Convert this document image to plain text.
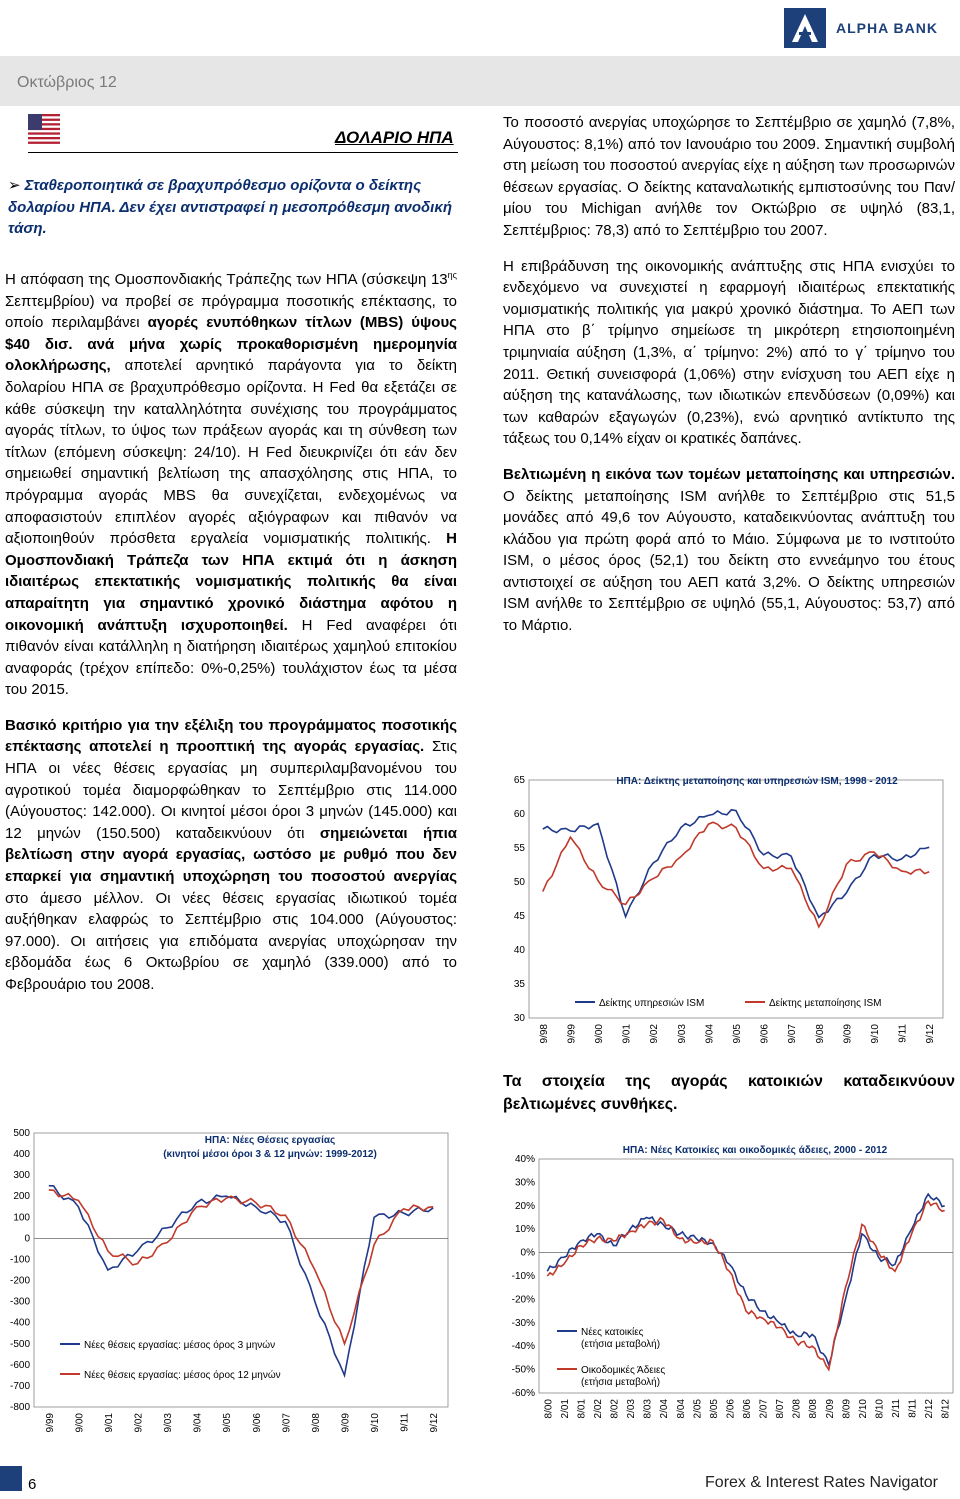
ALPHA BANK
Οκτώβριος 12
ΔΟΛΑΡΙΟ ΗΠΑ
➢ Σταθεροποιητικά σε βραχυπρόθεσμο ορίζοντα ο δείκτης δολαρίου ΗΠΑ. Δεν έχει αντιστραφεί η μεσοπρόθεσμη ανοδική τάση.

Η απόφαση της Ομοσπονδιακής Τράπεζης των ΗΠΑ (σύσκεψη $13^{\eta\varsigma}$ Σεπτεμβρίου) να προβεί σε πρόγραμμα ποσοτικής επέκτασης, το οποίο περιλαμβάνει αγορές ενυπόθηκων τίτλων (MBS) ύψους $40 δισ. ανά μήνα χωρίς προκαθορισμένη ημερομηνία ολοκλήρωσης, αποτελεί αρνητικό παράγοντα για το δείκτη δολαρίου ΗΠΑ σε βραχυπρόθεσμο ορίζοντα. Η Fed θα εξετάζει σε κάθε σύσκεψη την καταλληλότητα συνέχισης του προγράμματος αγοράς τίτλων, το ύψος των πράξεων αγοράς και τη σύνθεση των τίτλων (επόμενη σύσκεψη: 24/10). Η Fed διευκρινίζει ότι εάν δεν σημειωθεί σημαντική βελτίωση της απασχόλησης στις ΗΠΑ, το πρόγραμμα αγοράς MBS θα συνεχίζεται, ενδεχομένως να αποφασιστούν επιπλέον αγορές αξιόγραφων και πιθανόν να αξιοποιηθούν πρόσθετα εργαλεία νομισματικής πολιτικής. Η Ομοσπονδιακή Τράπεζα των ΗΠΑ εκτιμά ότι η άσκηση ιδιαιτέρως επεκτατικής νομισματικής πολιτικής θα είναι απαραίτητη για σημαντικό χρονικό διάστημα αφότου η οικονομική ανάπτυξη ισχυροποιηθεί. Η Fed αναφέρει ότι πιθανόν είναι κατάλληλη η διατήρηση ιδιαιτέρως χαμηλού επιτοκίου αναφοράς (τρέχον επίπεδο: 0%-0,25%) τουλάχιστον έως τα μέσα του 2015.

Βασικό κριτήριο για την εξέλιξη του προγράμματος ποσοτικής επέκτασης αποτελεί η προοπτική της αγοράς εργασίας. Στις ΗΠΑ οι νέες θέσεις εργασίας μη συμπεριλαμβανομένου του αγροτικού τομέα διαμορφώθηκαν το Σεπτέμβριο στις 114.000 (Αύγουστος: 142.000). Οι κινητοί μέσοι όροι 3 μηνών (145.000) και 12 μηνών (150.500) καταδεικνύουν ότι σημειώνεται ήπια βελτίωση στην αγορά εργασίας, ωστόσο με ρυθμό που δεν επαρκεί για σημαντική υποχώρηση του ποσοστού ανεργίας στο άμεσο μέλλον. Οι νέες θέσεις εργασίας ιδιωτικού τομέα αυξήθηκαν ελαφρώς το Σεπτέμβριο στις 104.000 (Αύγουστος: 97.000). Οι αιτήσεις για επιδόματα ανεργίας υποχώρησαν την εβδομάδα έως 6 Οκτωβρίου σε χαμηλό (339.000) από το Φεβρουάριο του 2008.

Το ποσοστό ανεργίας υποχώρησε το Σεπτέμβριο σε χαμηλό (7,8%, Αύγουστος: 8,1%) από τον Ιανουάριο του 2009. Σημαντική συμβολή στη μείωση του ποσοστού ανεργίας είχε η αύξηση των προσωρινών θέσεων εργασίας. Ο δείκτης καταναλωτικής εμπιστοσύνης του Παν/μίου του Michigan ανήλθε τον Οκτώβριο σε υψηλό (83,1, Σεπτέμβριος: 78,3) από το Σεπτέμβριο του 2007.

Η επιβράδυνση της οικονομικής ανάπτυξης στις ΗΠΑ ενισχύει το ενδεχόμενο να συνεχιστεί η εφαρμογή ιδιαιτέρως επεκτατικής νομισματικής πολιτικής για μακρύ χρονικό διάστημα. Το ΑΕΠ των ΗΠΑ στο β΄ τρίμηνο σημείωσε τη μικρότερη ετησιοποιημένη τριμηνιαία αύξηση (1,3%, α΄ τρίμηνο: 2%) από το γ΄ τρίμηνο του 2011. Θετική συνεισφορά (1,06%) στην ενίσχυση του ΑΕΠ είχε η αύξηση της κατανάλωσης, των ιδιωτικών επενδύσεων (0,09%) και των καθαρών εξαγωγών (0,23%), ενώ αρνητικό αντίκτυπο της τάξεως του 0,14% είχαν οι κρατικές δαπάνες.

Βελτιωμένη η εικόνα των τομέων μεταποίησης και υπηρεσιών. Ο δείκτης μεταποίησης ISM ανήλθε το Σεπτέμβριο στις 51,5 μονάδες από 49,6 τον Αύγουστο, καταδεικνύοντας ανάπτυξη του κλάδου για πρώτη φορά από το Μάιο. Σύμφωνα με το ινστιτούτο ISM, ο μέσος όρος (52,1) του δείκτη στο εννεάμηνο του έτους αντιστοιχεί σε αύξηση του ΑΕΠ κατά 3,2%. Ο δείκτης υπηρεσιών ISM ανήλθε το Σεπτέμβριο σε υψηλό (55,1, Αύγουστος: 53,7) από το Μάρτιο.

Τα στοιχεία της αγοράς κατοικιών καταδεικνύουν βελτιωμένες συνθήκες.
ΗΠΑ: Δείκτης μεταποίησης και υπηρεσιών ISM, 1998 - 2012
65
60
55
50
45
40
35
30
9/98 9/99 9/00 9/01 9/02 9/03 9/04 9/05 9/06 9/07 9/08 9/09 9/10 9/11 9/12
Δείκτης υπηρεσιών ISM	Δείκτης μεταποίησης ISM
ΗΠΑ: Νέες Θέσεις εργασίας
(κινητοί μέσοι όροι 3 & 12 μηνών: 1999-2012)
500
400
300
200
100
0
-100
-200
-300
-400
-500
-600
-700
-800
9/99 9/00 9/01 9/02 9/03 9/04 9/05 9/06 9/07 9/08 9/09 9/10 9/11 9/12
Νέες θέσεις εργασίας: μέσος όρος 3 μηνών
Νέες θέσεις εργασίας: μέσος όρος 12 μηνών
ΗΠΑ: Νέες Κατοικίες και οικοδομικές άδειες, 2000 - 2012
40%
30%
20%
10%
0%
-10%
-20%
-30%
-40%
-50%
-60%
8/00 2/01 8/01 2/02 8/02 2/03 8/03 2/04 8/04 2/05 8/05 2/06 8/06 2/07 8/07 2/08 8/08 2/09 8/09 2/10 8/10 2/11 8/11 2/12 8/12
Νέες κατοικίες
(ετήσια μεταβολή)
Οικοδομικές Άδειες
(ετήσια μεταβολή)
6	Forex & Interest Rates Navigator
